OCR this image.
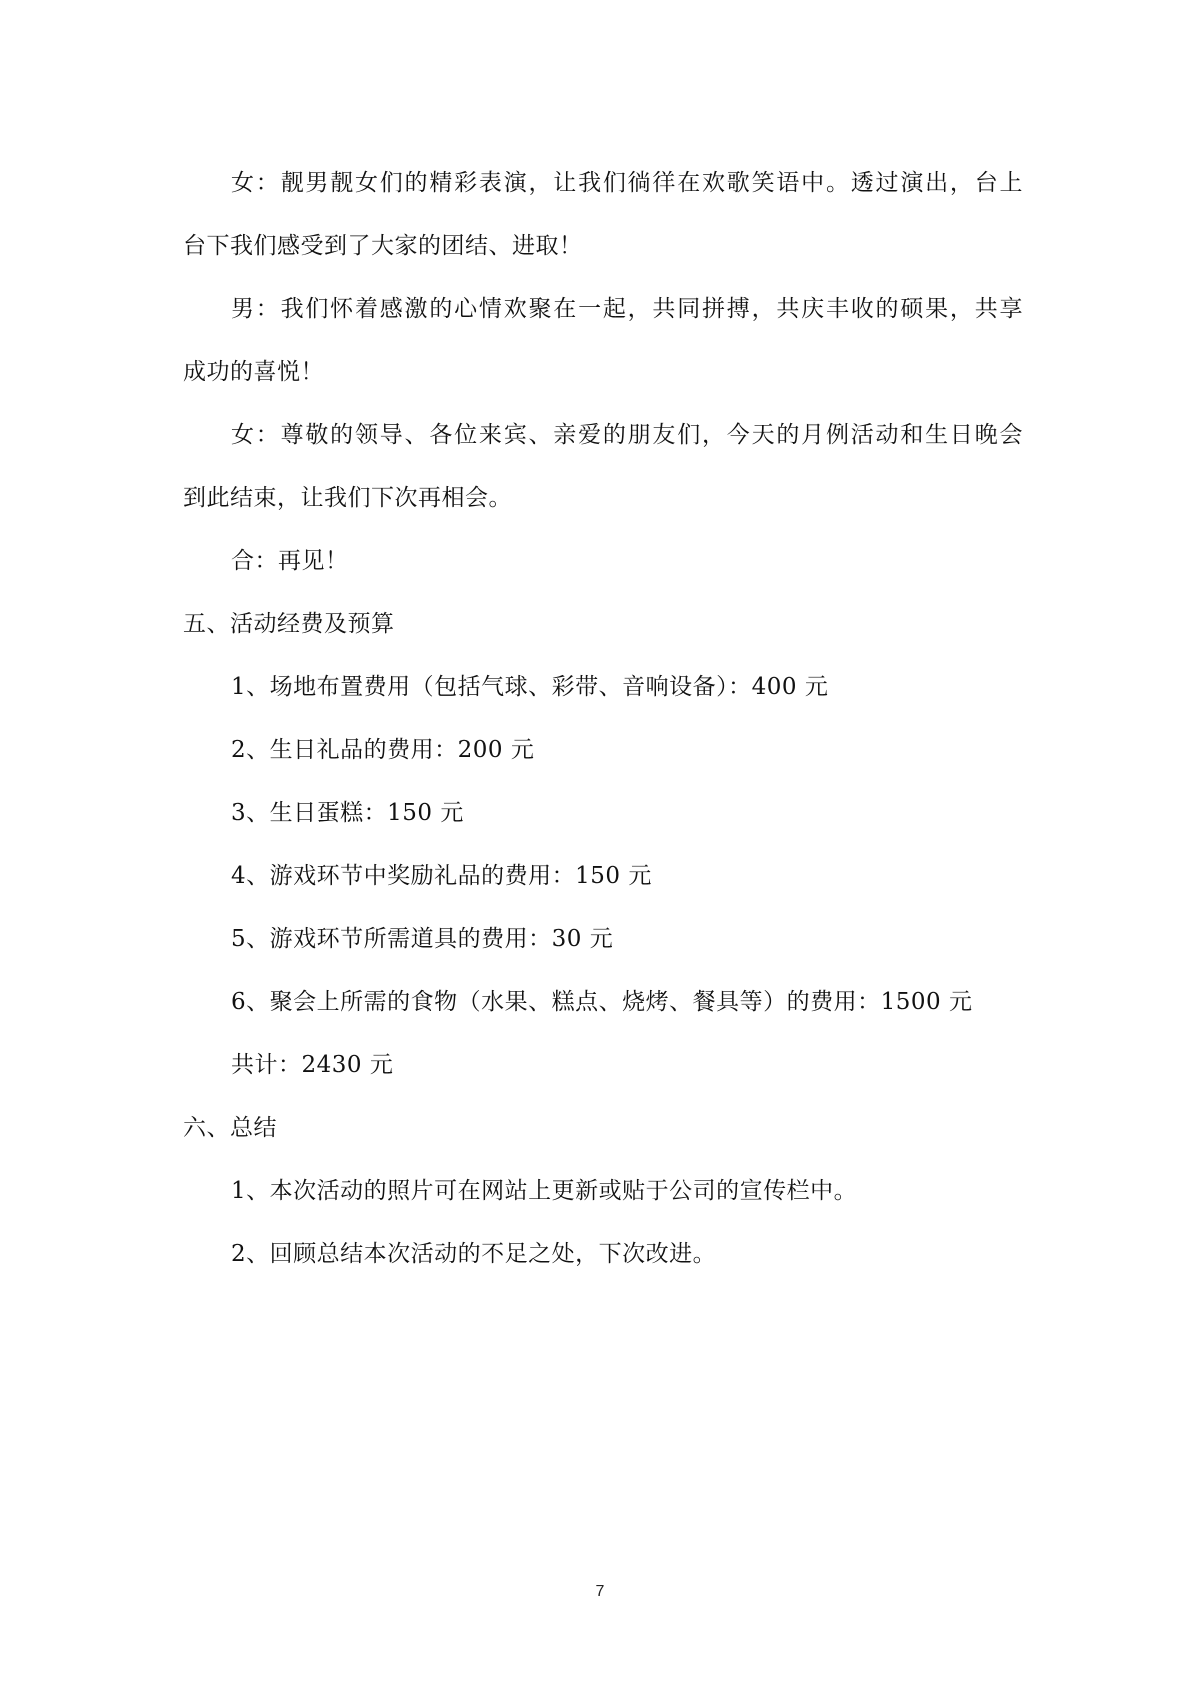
女：靓男靓女们的精彩表演，让我们徜徉在欢歌笑语中。透过演出，台上
台下我们感受到了大家的团结、进取！
男：我们怀着感激的心情欢聚在一起，共同拼搏，共庆丰收的硕果，共享
成功的喜悦！
女：尊敬的领导、各位来宾、亲爱的朋友们，今天的月例活动和生日晚会
到此结束，让我们下次再相会。
合：再见！
五、活动经费及预算
1、场地布置费用（包括气球、彩带、音响设备）：400 元
2、生日礼品的费用：200 元
3、生日蛋糕：150 元
4、游戏环节中奖励礼品的费用：150 元
5、游戏环节所需道具的费用：30 元
6、聚会上所需的食物（水果、糕点、烧烤、餐具等）的费用：1500 元
共计：2430 元
六、总结
1、本次活动的照片可在网站上更新或贴于公司的宣传栏中。
2、回顾总结本次活动的不足之处，下次改进。
7
